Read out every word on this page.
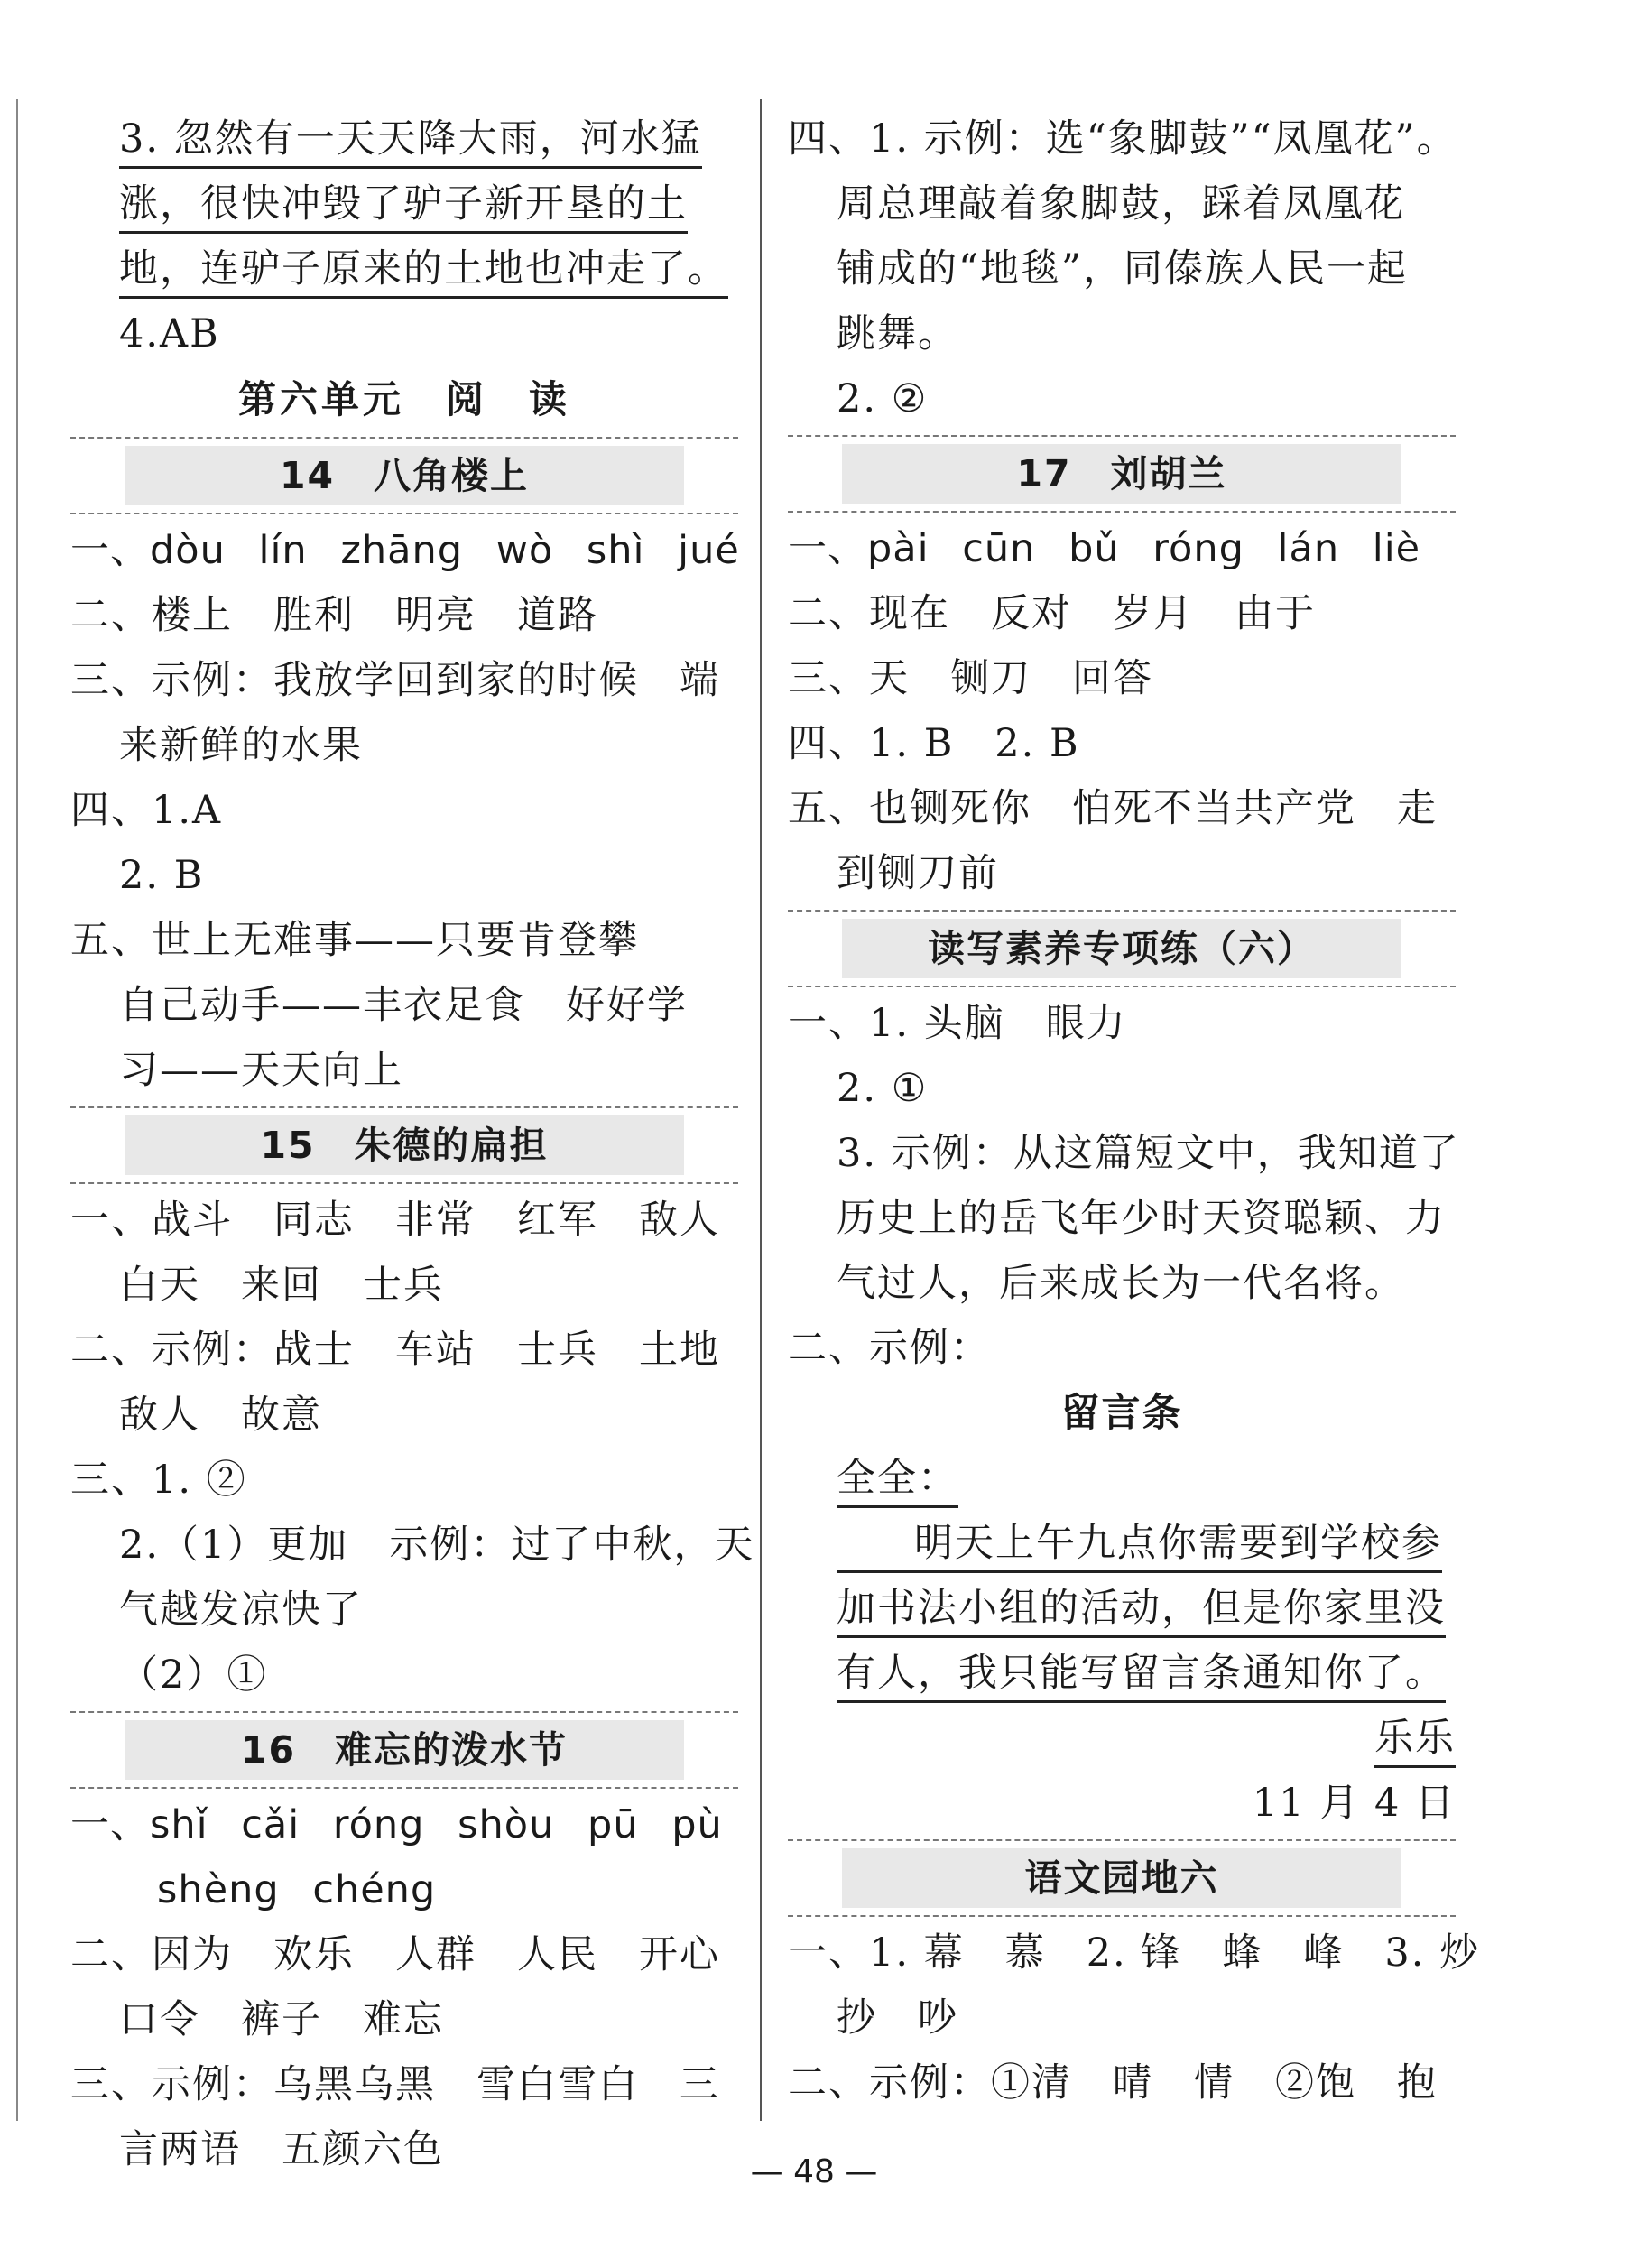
3. 忽然有一天天降大雨，河水猛
涨，很快冲毁了驴子新开垦的土
地，连驴子原来的土地也冲走了。
4.AB
第六单元　阅　读
14　八角楼上
一、dòu lín zhāng wò shì jué
二、楼上　胜利　明亮　道路
三、示例：我放学回到家的时候　端
来新鲜的水果
四、1.A
2. B
五、世上无难事——只要肯登攀
自己动手——丰衣足食　好好学
习——天天向上
15　朱德的扁担
一、战斗　同志　非常　红军　敌人
白天　来回　士兵
二、示例：战士　车站　士兵　土地
敌人　故意
三、1. ②
2.（1）更加　示例：过了中秋，天
气越发凉快了
（2）①
16　难忘的泼水节
一、shǐ cǎi róng shòu pū pù
shèng chéng
二、因为　欢乐　人群　人民　开心
口令　裤子　难忘
三、示例：乌黑乌黑　雪白雪白　三
言两语　五颜六色
四、1. 示例：选“象脚鼓”“凤凰花”。
周总理敲着象脚鼓，踩着凤凰花
铺成的“地毯”，同傣族人民一起
跳舞。
2. ②
17　刘胡兰
一、pài cūn bǔ róng lán liè
二、现在　反对　岁月　由于
三、天　铡刀　回答
四、1. B　2. B
五、也铡死你　怕死不当共产党　走
到铡刀前
读写素养专项练（六）
一、1. 头脑　眼力
2. ①
3. 示例：从这篇短文中，我知道了
历史上的岳飞年少时天资聪颖、力
气过人，后来成长为一代名将。
二、示例：
留言条
全全：
明天上午九点你需要到学校参
加书法小组的活动，但是你家里没
有人，我只能写留言条通知你了。
乐乐
11 月 4 日
语文园地六
一、1. 幕　慕　2. 锋　蜂　峰　3. 炒
抄　吵
二、示例：①清　晴　情　②饱　抱
— 48 —
